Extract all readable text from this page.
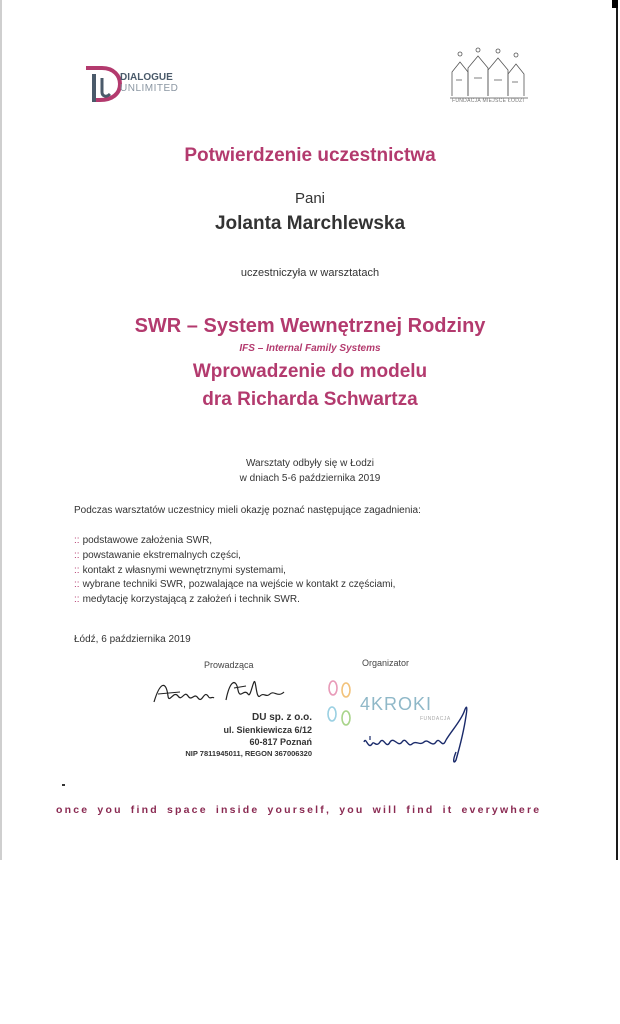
DIALOGUE
UNLIMITED
FUNDACJA MIEJSCE ŁODZI
Potwierdzenie uczestnictwa
Pani
Jolanta Marchlewska
uczestniczyła w warsztatach
SWR – System Wewnętrznej Rodziny
IFS – Internal Family Systems
Wprowadzenie do modelu
dra Richarda Schwartza
Warsztaty odbyły się w Łodzi
w dniach 5-6 października 2019
Podczas warsztatów uczestnicy mieli okazję poznać następujące zagadnienia:
:: podstawowe założenia SWR,
:: powstawanie ekstremalnych części,
:: kontakt z własnymi wewnętrznymi systemami,
:: wybrane techniki SWR, pozwalające na wejście w kontakt z częściami,
:: medytację korzystającą z założeń i technik SWR.
Łódź, 6 października 2019
Prowadząca	Organizator
DU sp. z o.o.
ul. Sienkiewicza 6/12
60-817 Poznań
NIP 7811945011, REGON 367006320
4KROKI
FUNDACJA
once you find space inside yourself, you will find it everywhere
